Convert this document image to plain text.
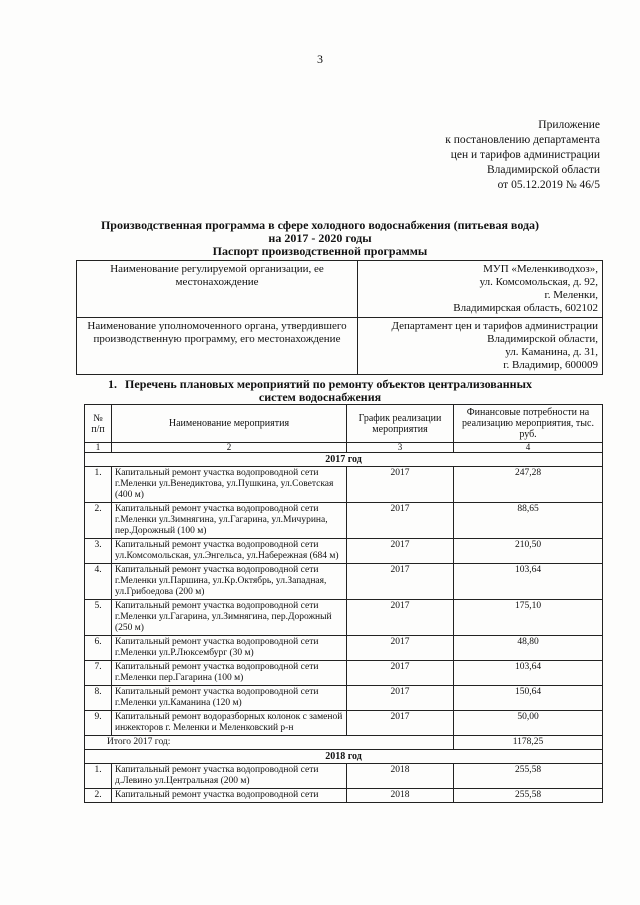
3
Приложение
к постановлению департамента
цен и тарифов администрации
Владимирской области
от 05.12.2019 № 46/5
Производственная программа в сфере холодного водоснабжения (питьевая вода)
на 2017 - 2020 годы
Паспорт производственной программы
Наименование регулируемой организации, ее местонахождение	МУП «Меленкиводхоз»,
ул. Комсомольская, д. 92,
г. Меленки,
Владимирская область, 602102

Наименование уполномоченного органа, утвердившего производственную программу, его местонахождение	Департамент цен и тарифов администрации
Владимирской области,
ул. Каманина, д. 31,
г. Владимир, 600009
1. Перечень плановых мероприятий по ремонту объектов централизованных
систем водоснабжения
№ п/п	Наименование мероприятия	График реализации мероприятия	Финансовые потребности на реализацию мероприятия, тыс. руб.
1	2	3	4
2017 год			
1.	Капитальный ремонт участка водопроводной сети г.Меленки ул.Венедиктова, ул.Пушкина, ул.Советская (400 м)	2017	247,28
2.	Капитальный ремонт участка водопроводной сети г.Меленки ул.Зимнягина, ул.Гагарина, ул.Мичурина, пер.Дорожный (100 м)	2017	88,65
3.	Капитальный ремонт участка водопроводной сети ул.Комсомольская, ул.Энгельса, ул.Набережная (684 м)	2017	210,50
4.	Капитальный ремонт участка водопроводной сети г.Меленки ул.Паршина, ул.Кр.Октябрь, ул.Западная, ул.Грибоедова (200 м)	2017	103,64
5.	Капитальный ремонт участка водопроводной сети г.Меленки ул.Гагарина, ул.Зимнягина, пер.Дорожный (250 м)	2017	175,10
6.	Капитальный ремонт участка водопроводной сети г.Меленки ул.Р.Люксембург (30 м)	2017	48,80
7.	Капитальный ремонт участка водопроводной сети г.Меленки пер.Гагарина (100 м)	2017	103,64
8.	Капитальный ремонт участка водопроводной сети г.Меленки ул.Каманина (120 м)	2017	150,64
9.	Капитальный ремонт водоразборных колонок с заменой инжекторов г. Меленки и Меленковский р-н	2017	50,00
Итого 2017 год:			1178,25
2018 год			
1.	Капитальный ремонт участка водопроводной сети д.Левино ул.Центральная (200 м)	2018	255,58
2.	Капитальный ремонт участка водопроводной сети	2018	255,58
